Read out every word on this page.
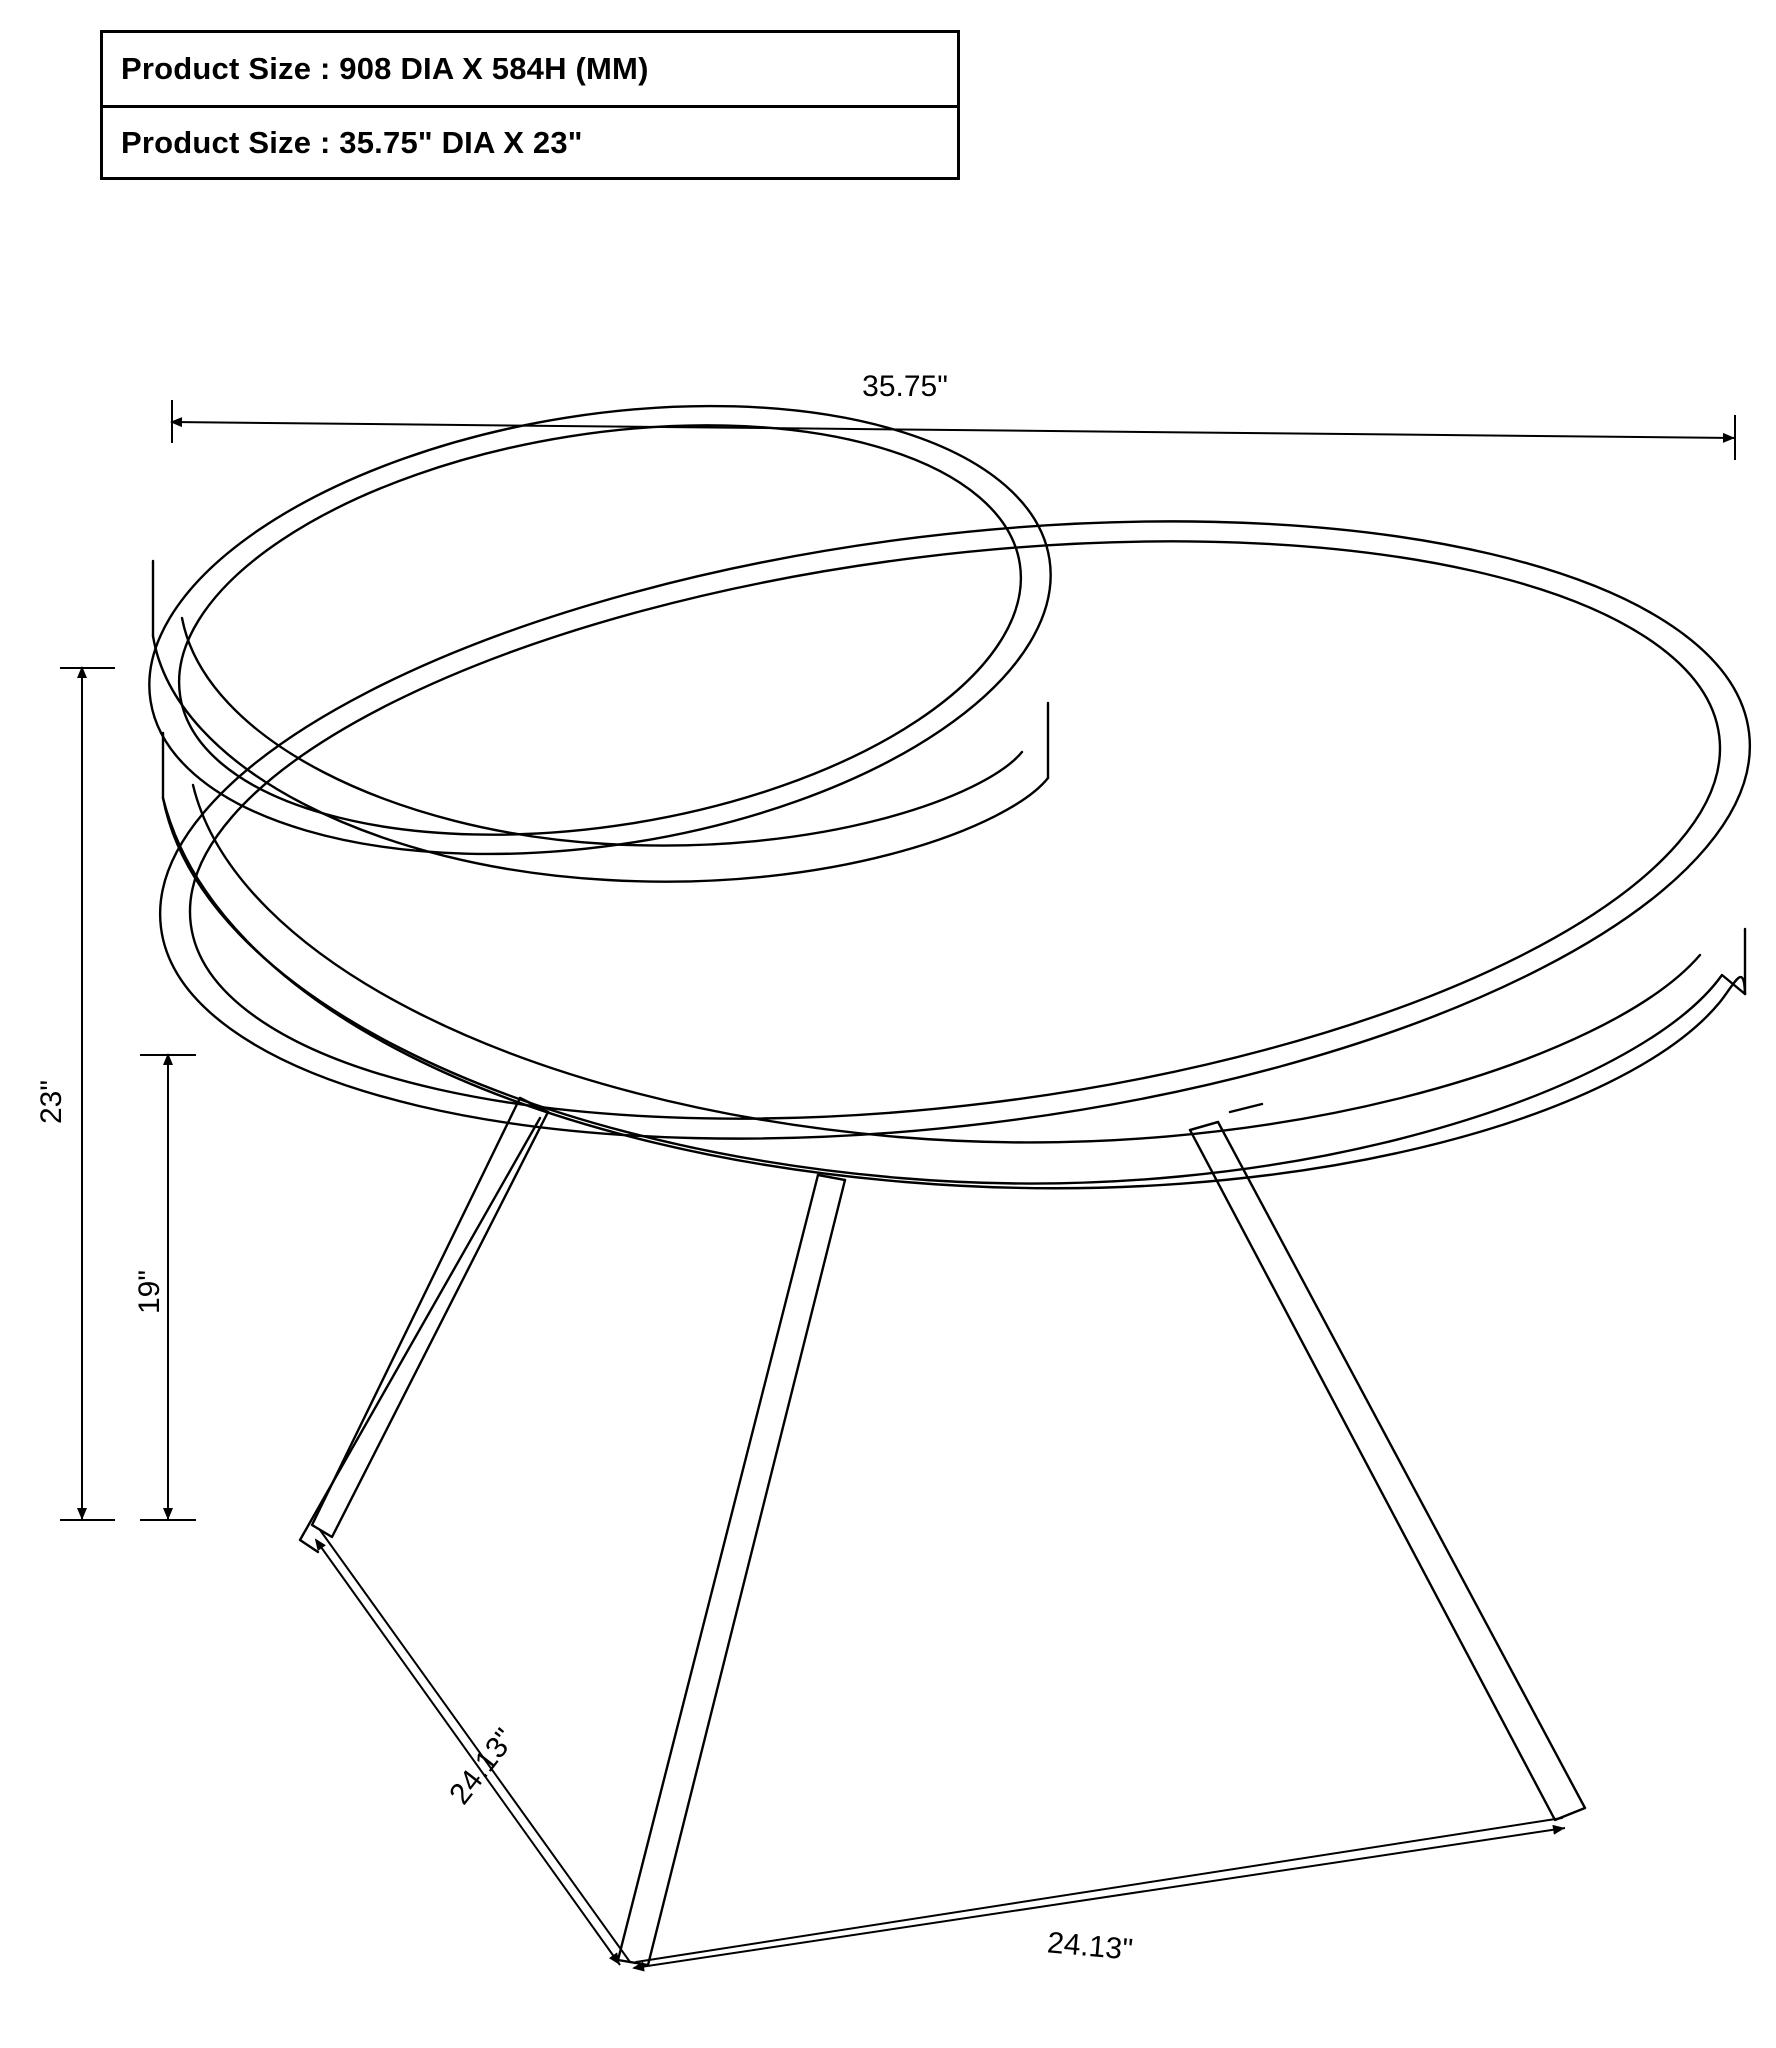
Product Size : 908 DIA X 584H (MM)
Product Size : 35.75" DIA X 23"
35.75"
23"
19"
24.13"
24.13"
